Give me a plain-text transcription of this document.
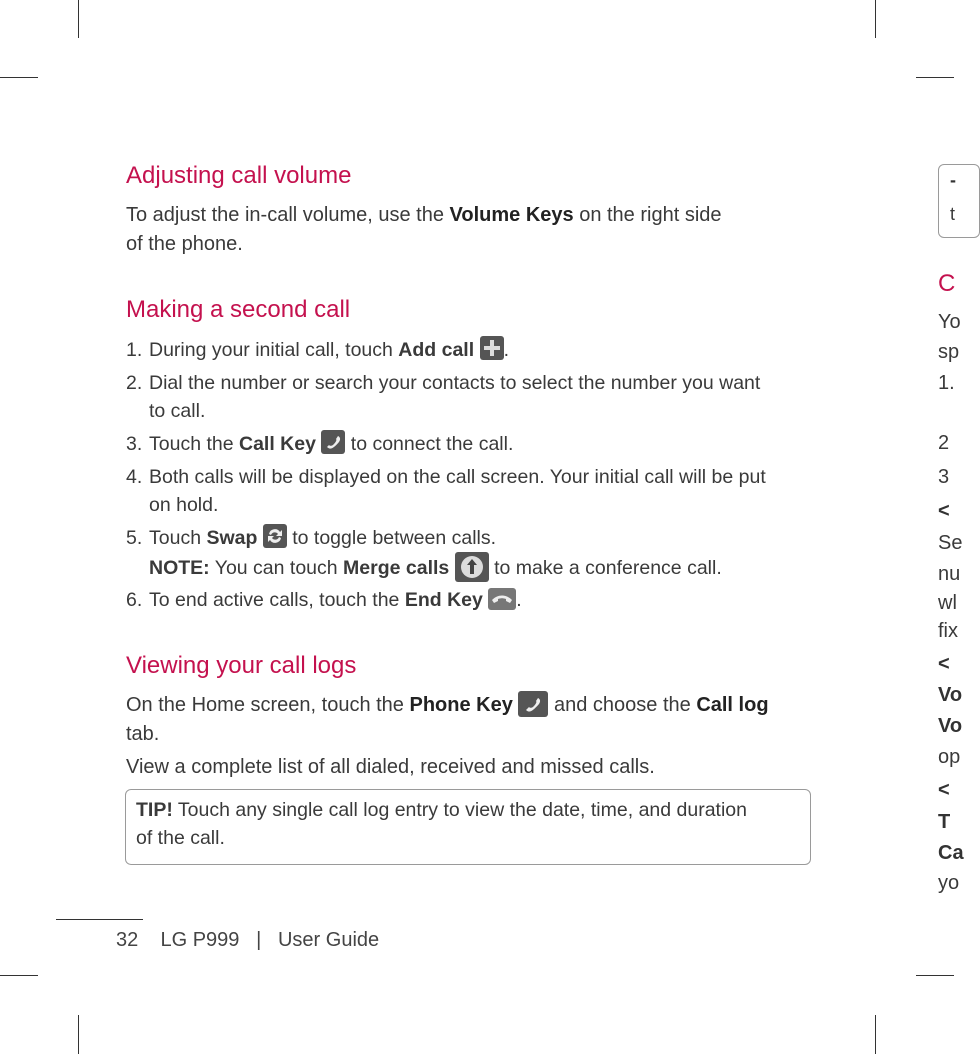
Adjusting call volume

To adjust the in-call volume, use the Volume Keys on the right side
of the phone.

Making a second call
1. During your initial call, touch Add call .
2. Dial the number or search your contacts to select the number you want
to call.
3. Touch the Call Key  to connect the call.
4. Both calls will be displayed on the call screen. Your initial call will be put
on hold.
5. Touch Swap  to toggle between calls.
NOTE: You can touch Merge calls  to make a conference call.
6. To end active calls, touch the End Key .
Viewing your call logs

On the Home screen, touch the Phone Key  and choose the Call log
tab.

View a complete list of all dialed, received and missed calls.

TIP! Touch any single call log entry to view the date, time, and duration
of the call.
32 LG P999 | User Guide
-
t
C
Yo
sp
1.
2
3
<
Se
nu
wl
fix
<
Vo
Vo
op
<
T
Ca
yo
